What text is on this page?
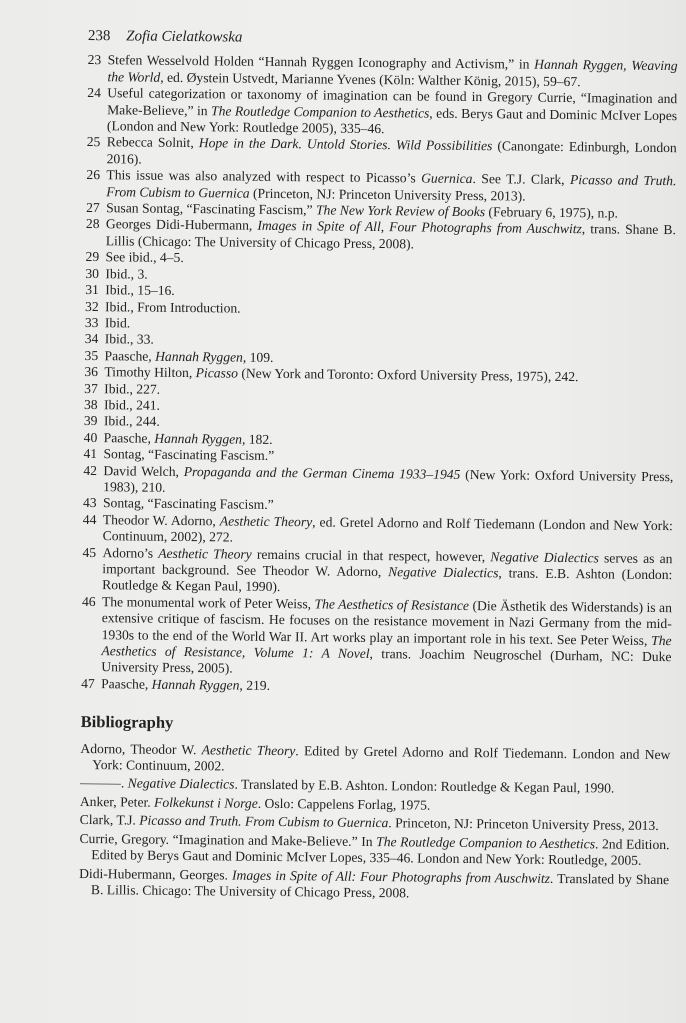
238 Zofia Cielatkowska
23 Stefen Wesselvold Holden “Hannah Ryggen Iconography and Activism,” in Hannah Ryggen, Weaving the World, ed. Øystein Ustvedt, Marianne Yvenes (Köln: Walther König, 2015), 59–67.
24 Useful categorization or taxonomy of imagination can be found in Gregory Currie, “Imagination and Make-Believe,” in The Routledge Companion to Aesthetics, eds. Berys Gaut and Dominic McIver Lopes (London and New York: Routledge 2005), 335–46.
25 Rebecca Solnit, Hope in the Dark. Untold Stories. Wild Possibilities (Canongate: Edinburgh, London 2016).
26 This issue was also analyzed with respect to Picasso’s Guernica. See T.J. Clark, Picasso and Truth. From Cubism to Guernica (Princeton, NJ: Princeton University Press, 2013).
27 Susan Sontag, “Fascinating Fascism,” The New York Review of Books (February 6, 1975), n.p.
28 Georges Didi-Hubermann, Images in Spite of All, Four Photographs from Auschwitz, trans. Shane B. Lillis (Chicago: The University of Chicago Press, 2008).
29 See ibid., 4–5.
30 Ibid., 3.
31 Ibid., 15–16.
32 Ibid., From Introduction.
33 Ibid.
34 Ibid., 33.
35 Paasche, Hannah Ryggen, 109.
36 Timothy Hilton, Picasso (New York and Toronto: Oxford University Press, 1975), 242.
37 Ibid., 227.
38 Ibid., 241.
39 Ibid., 244.
40 Paasche, Hannah Ryggen, 182.
41 Sontag, “Fascinating Fascism.”
42 David Welch, Propaganda and the German Cinema 1933–1945 (New York: Oxford University Press, 1983), 210.
43 Sontag, “Fascinating Fascism.”
44 Theodor W. Adorno, Aesthetic Theory, ed. Gretel Adorno and Rolf Tiedemann (London and New York: Continuum, 2002), 272.
45 Adorno’s Aesthetic Theory remains crucial in that respect, however, Negative Dialectics serves as an important background. See Theodor W. Adorno, Negative Dialectics, trans. E.B. Ashton (London: Routledge & Kegan Paul, 1990).
46 The monumental work of Peter Weiss, The Aesthetics of Resistance (Die Ästhetik des Widerstands) is an extensive critique of fascism. He focuses on the resistance movement in Nazi Germany from the mid-1930s to the end of the World War II. Art works play an important role in his text. See Peter Weiss, The Aesthetics of Resistance, Volume 1: A Novel, trans. Joachim Neugroschel (Durham, NC: Duke University Press, 2005).
47 Paasche, Hannah Ryggen, 219.
Bibliography
Adorno, Theodor W. Aesthetic Theory. Edited by Gretel Adorno and Rolf Tiedemann. London and New York: Continuum, 2002.
———. Negative Dialectics. Translated by E.B. Ashton. London: Routledge & Kegan Paul, 1990.
Anker, Peter. Folkekunst i Norge. Oslo: Cappelens Forlag, 1975.
Clark, T.J. Picasso and Truth. From Cubism to Guernica. Princeton, NJ: Princeton University Press, 2013.
Currie, Gregory. “Imagination and Make-Believe.” In The Routledge Companion to Aesthetics. 2nd Edition. Edited by Berys Gaut and Dominic McIver Lopes, 335–46. London and New York: Routledge, 2005.
Didi-Hubermann, Georges. Images in Spite of All: Four Photographs from Auschwitz. Translated by Shane B. Lillis. Chicago: The University of Chicago Press, 2008.
